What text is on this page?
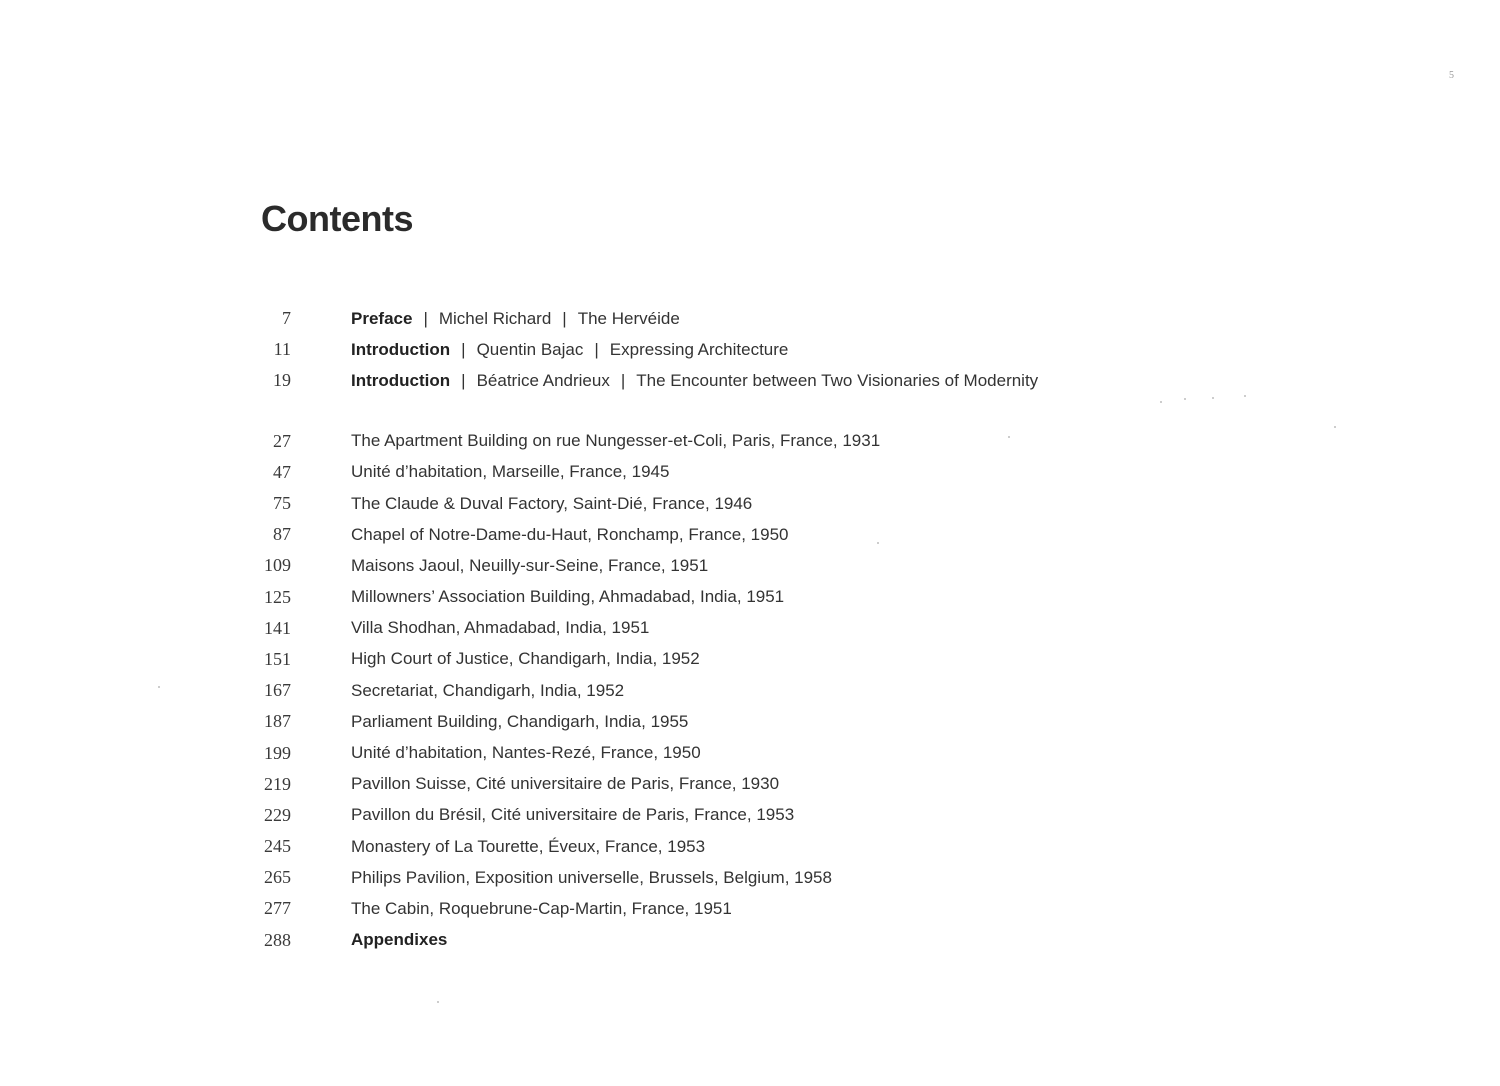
5
Contents
7	Preface | Michel Richard | The Hervéide
11	Introduction | Quentin Bajac | Expressing Architecture
19	Introduction | Béatrice Andrieux | The Encounter between Two Visionaries of Modernity
27	The Apartment Building on rue Nungesser-et-Coli, Paris, France, 1931
47	Unité d’habitation, Marseille, France, 1945
75	The Claude & Duval Factory, Saint-Dié, France, 1946
87	Chapel of Notre-Dame-du-Haut, Ronchamp, France, 1950
109	Maisons Jaoul, Neuilly-sur-Seine, France, 1951
125	Millowners’ Association Building, Ahmadabad, India, 1951
141	Villa Shodhan, Ahmadabad, India, 1951
151	High Court of Justice, Chandigarh, India, 1952
167	Secretariat, Chandigarh, India, 1952
187	Parliament Building, Chandigarh, India, 1955
199	Unité d’habitation, Nantes-Rezé, France, 1950
219	Pavillon Suisse, Cité universitaire de Paris, France, 1930
229	Pavillon du Brésil, Cité universitaire de Paris, France, 1953
245	Monastery of La Tourette, Éveux, France, 1953
265	Philips Pavilion, Exposition universelle, Brussels, Belgium, 1958
277	The Cabin, Roquebrune-Cap-Martin, France, 1951
288	Appendixes
